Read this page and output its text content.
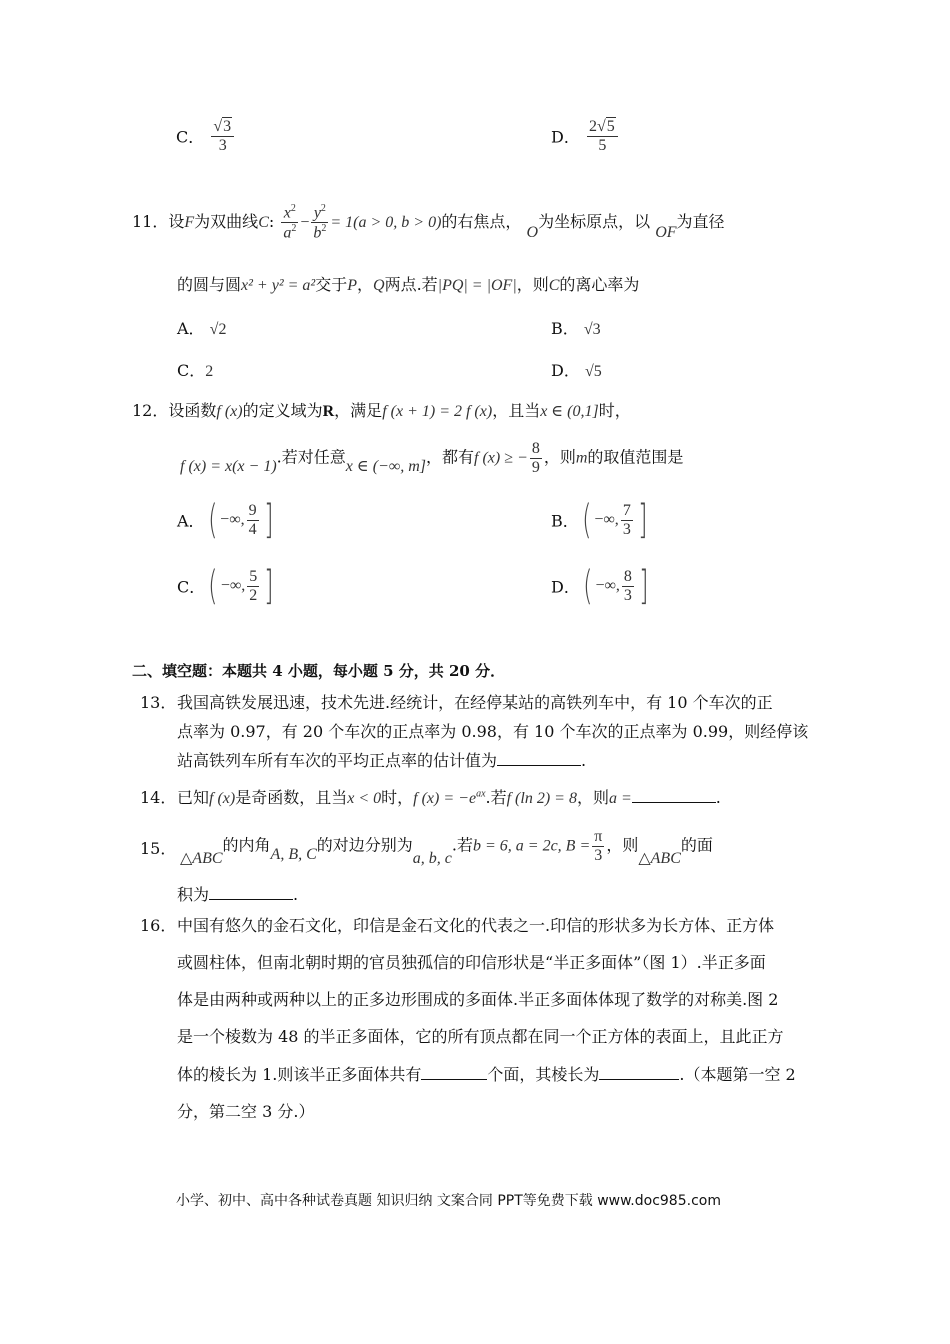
C． $\frac{√3}{3}$	D． $\frac{2√5}{5}$
11．设F为双曲线C: $\frac{x^2}{a^2} - \frac{y^2}{b^2} = 1(a > 0$, b > 0)的右焦点， O为坐标原点，以 OF为直径
的圆与圆x² + y² = a²交于P，Q两点.若|PQ| = |OF|，则C的离心率为
A． √2	B． √3
C．2	D． √5
12．设函数f (x)的定义域为R，满足f (x + 1) = 2 f (x)，且当x ∈ (0,1]时，
f (x) = x(x − 1).若对任意x ∈ (−∞, m]，都有f (x) ≥ − $\frac{8}{9}$ ，则m的取值范围是
A．( −∞, $\frac{9}{4}$ ]	B．( −∞, $\frac{7}{3}$ ]
C．( −∞, $\frac{5}{2}$ ]	D．( −∞, $\frac{8}{3}$ ]
二、填空题：本题共 4 小题，每小题 5 分，共 20 分．
13． 我国高铁发展迅速，技术先进.经统计，在经停某站的高铁列车中，有 10 个车次的正
点率为 0.97，有 20 个车次的正点率为 0.98，有 10 个车次的正点率为 0.99，则经停该
站高铁列车所有车次的平均正点率的估计值为	.
14． 已知f (x)是奇函数，且当x < 0时，f $(x) = -e^{ax}$.若f (ln 2) = 8，则a =	.
15．
△ABC的内角A, B, C的对边分别为a, b, c.若b = 6, a = 2c, $B = \frac{\pi}{3}$ ，则△ABC的面
积为	.
16． 中国有悠久的金石文化，印信是金石文化的代表之一.印信的形状多为长方体、正方体
或圆柱体，但南北朝时期的官员独孤信的印信形状是“半正多面体”（图 1）.半正多面
体是由两种或两种以上的正多边形围成的多面体.半正多面体体现了数学的对称美.图 2
是一个棱数为 48 的半正多面体，它的所有顶点都在同一个正方体的表面上，且此正方
体的棱长为 1.则该半正多面体共有	个面，其棱长为	.（本题第一空 2
分，第二空 3 分.）
小学、初中、高中各种试卷真题 知识归纳 文案合同 PPT等免费下载 www.doc985.com
